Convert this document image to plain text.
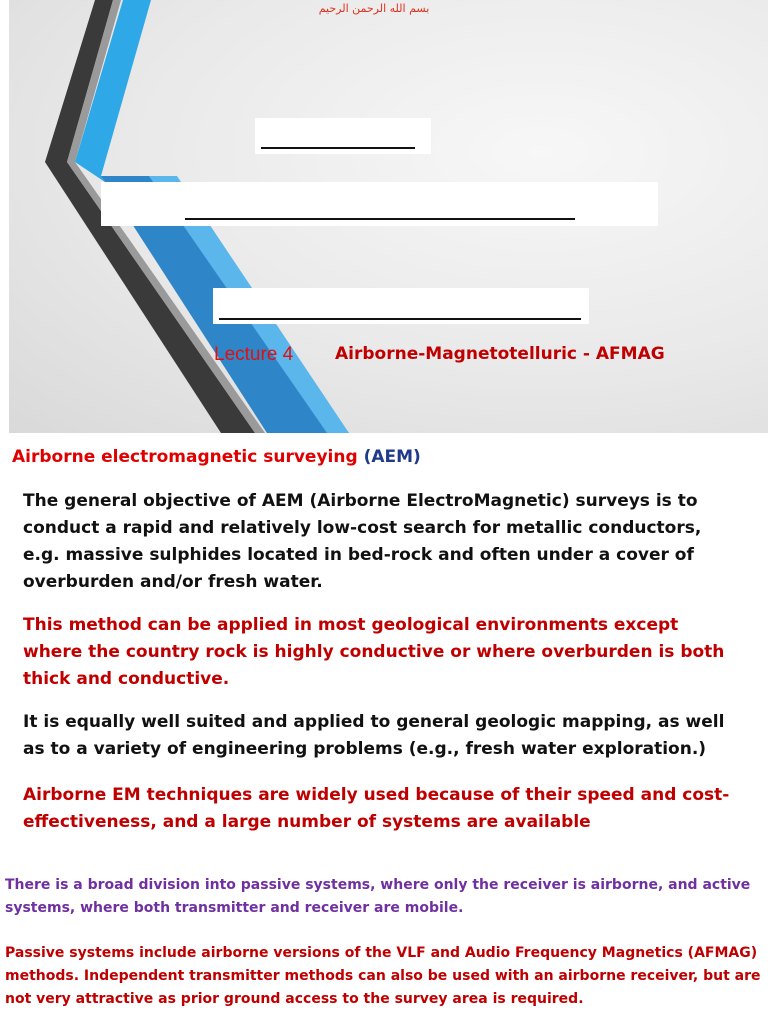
بسم الله الرحمن الرحيم
Lecture 4 Airborne-Magnetotelluric - AFMAG
Airborne electromagnetic surveying (AEM)
The general objective of AEM (Airborne ElectroMagnetic) surveys is to conduct a rapid and relatively low-cost search for metallic conductors, e.g. massive sulphides located in bed-rock and often under a cover of overburden and/or fresh water.
This method can be applied in most geological environments except where the country rock is highly conductive or where overburden is both thick and conductive.
It is equally well suited and applied to general geologic mapping, as well as to a variety of engineering problems (e.g., fresh water exploration.)
Airborne EM techniques are widely used because of their speed and cost-effectiveness, and a large number of systems are available
There is a broad division into passive systems, where only the receiver is airborne, and active systems, where both transmitter and receiver are mobile.
Passive systems include airborne versions of the VLF and Audio Frequency Magnetics (AFMAG) methods. Independent transmitter methods can also be used with an airborne receiver, but are not very attractive as prior ground access to the survey area is required.
